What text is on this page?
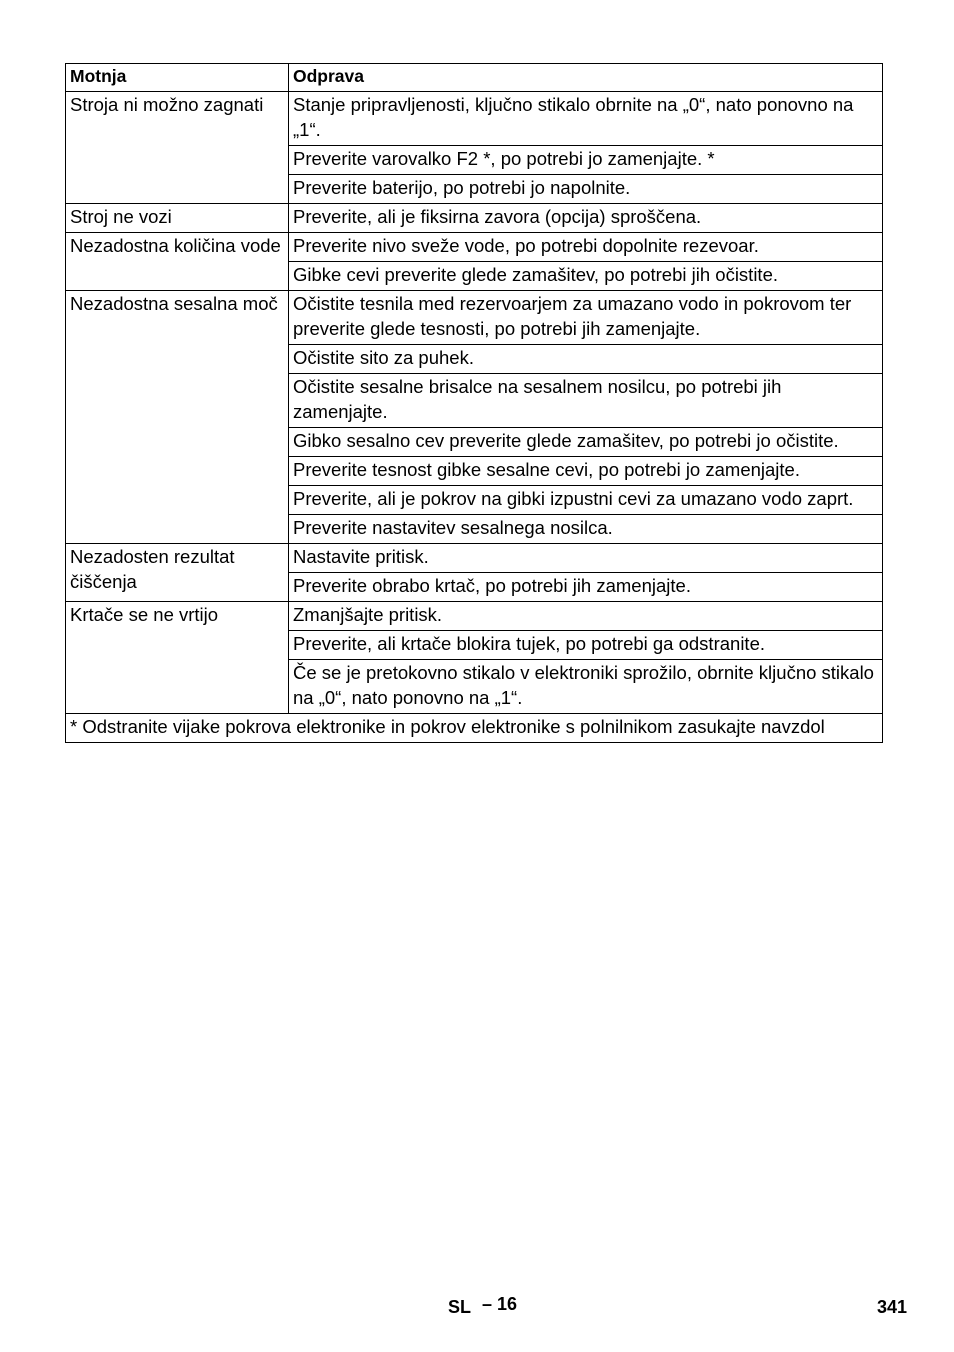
Motnja	Odprava
Stroja ni možno zagnati	Stanje pripravljenosti, ključno stikalo obrnite na „0“, nato ponovno na „1“.
	Preverite varovalko F2 *, po potrebi jo zamenjajte. *
	Preverite baterijo, po potrebi jo napolnite.
Stroj ne vozi	Preverite, ali je fiksirna zavora (opcija) sproščena.
Nezadostna količina vode	Preverite nivo sveže vode, po potrebi dopolnite rezevoar.
	Gibke cevi preverite glede zamašitev, po potrebi jih očistite.
Nezadostna sesalna moč	Očistite tesnila med rezervoarjem za umazano vodo in pokrovom ter preverite glede tesnosti, po potrebi jih zamenjajte.
	Očistite sito za puhek.
	Očistite sesalne brisalce na sesalnem nosilcu, po potrebi jih zamenjajte.
	Gibko sesalno cev preverite glede zamašitev, po potrebi jo očistite.
	Preverite tesnost gibke sesalne cevi, po potrebi jo zamenjajte.
	Preverite, ali je pokrov na gibki izpustni cevi za umazano vodo zaprt.
	Preverite nastavitev sesalnega nosilca.
Nezadosten rezultat čiščenja	Nastavite pritisk.
	Preverite obrabo krtač, po potrebi jih zamenjajte.
Krtače se ne vrtijo	Zmanjšajte pritisk.
	Preverite, ali krtače blokira tujek, po potrebi ga odstranite.
	Če se je pretokovno stikalo v elektroniki sprožilo, obrnite ključno stikalo na „0“, nato ponovno na „1“.
* Odstranite vijake pokrova elektronike in pokrov elektronike s polnilnikom zasukajte navzdol	
SL – 16	341
